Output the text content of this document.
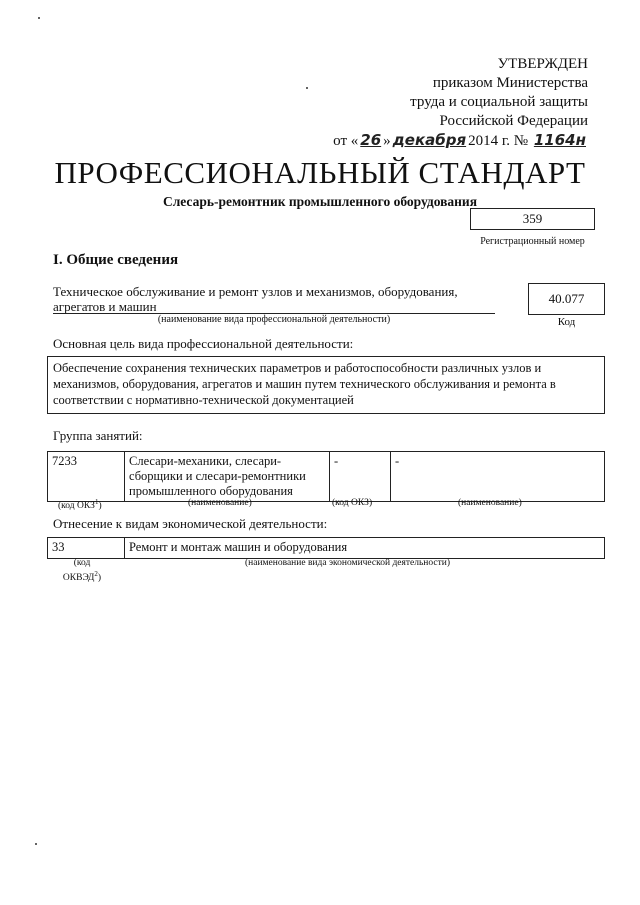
УТВЕРЖДЕН
приказом Министерства
труда и социальной защиты
Российской Федерации
от « 26 » декабря 2014 г. № 1164н
ПРОФЕССИОНАЛЬНЫЙ СТАНДАРТ
Слесарь-ремонтник промышленного оборудования
359
Регистрационный номер
I. Общие сведения
Техническое обслуживание и ремонт узлов и механизмов, оборудования, агрегатов и машин
(наименование вида профессиональной деятельности)
40.077
Код
Основная цель вида профессиональной деятельности:
Обеспечение сохранения технических параметров и работоспособности различных узлов и механизмов, оборудования, агрегатов и машин путем технического обслуживания и ремонта в соответствии с нормативно-технической документацией
Группа занятий:
7233	Слесари-механики, слесари-сборщики и слесари-ремонтники промышленного оборудования	-	-
(код ОКЗ$^1$)	(наименование)	(код ОКЗ)	(наименование)
Отнесение к видам экономической деятельности:
33	Ремонт и монтаж машин и оборудования
(код
ОКВЭД$^2$)
(наименование вида экономической деятельности)
